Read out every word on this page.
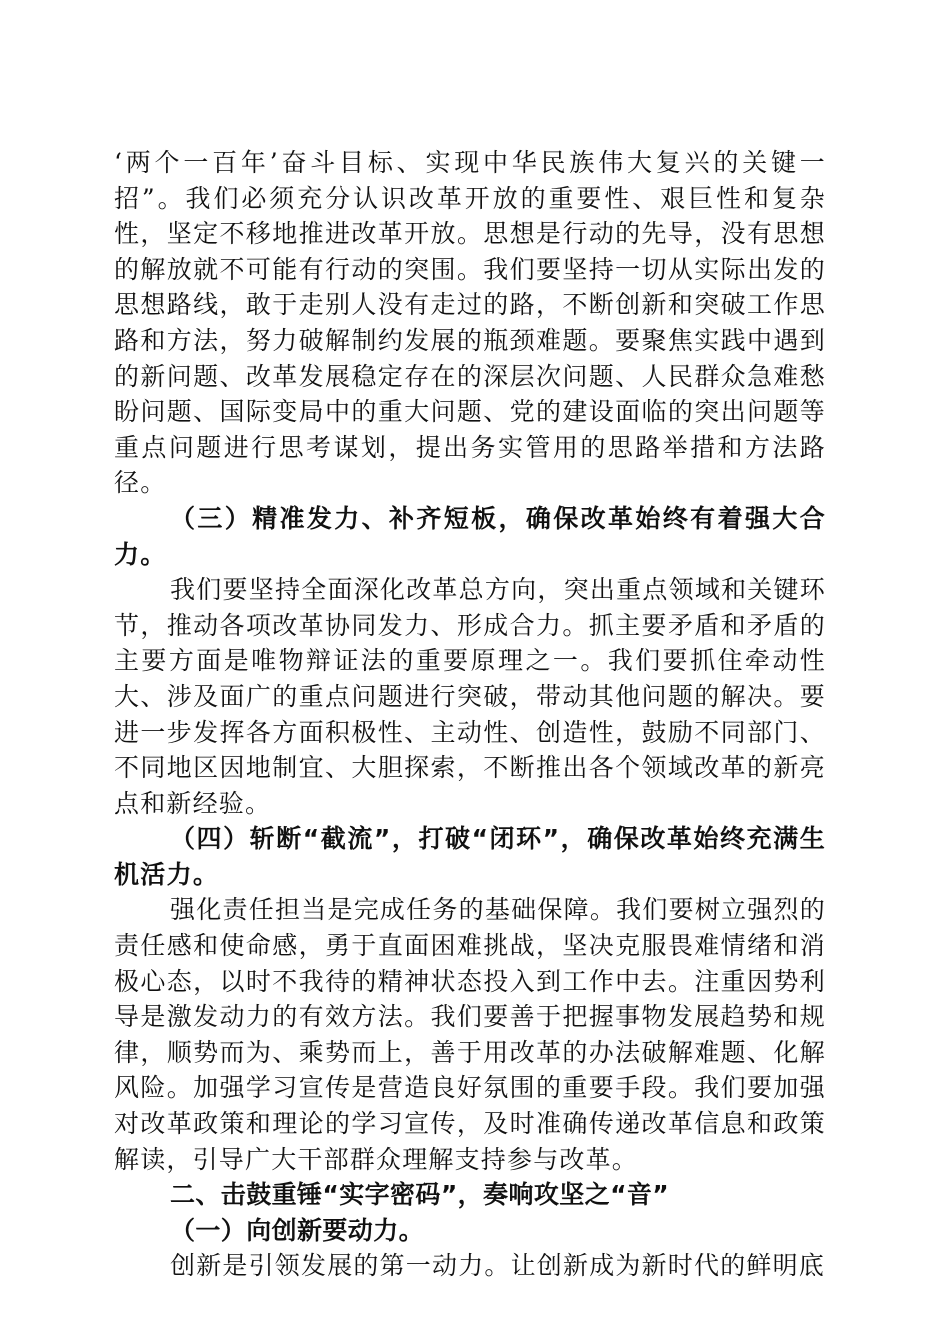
‘两个一百年’奋斗目标、实现中华民族伟大复兴的关键一招”。我们必须充分认识改革开放的重要性、艰巨性和复杂性，坚定不移地推进改革开放。思想是行动的先导，没有思想的解放就不可能有行动的突围。我们要坚持一切从实际出发的思想路线，敢于走别人没有走过的路，不断创新和突破工作思路和方法，努力破解制约发展的瓶颈难题。要聚焦实践中遇到的新问题、改革发展稳定存在的深层次问题、人民群众急难愁盼问题、国际变局中的重大问题、党的建设面临的突出问题等重点问题进行思考谋划，提出务实管用的思路举措和方法路径。

（三）精准发力、补齐短板，确保改革始终有着强大合力。

我们要坚持全面深化改革总方向，突出重点领域和关键环节，推动各项改革协同发力、形成合力。抓主要矛盾和矛盾的主要方面是唯物辩证法的重要原理之一。我们要抓住牵动性大、涉及面广的重点问题进行突破，带动其他问题的解决。要进一步发挥各方面积极性、主动性、创造性，鼓励不同部门、不同地区因地制宜、大胆探索，不断推出各个领域改革的新亮点和新经验。

（四）斩断“截流”，打破“闭环”，确保改革始终充满生机活力。

强化责任担当是完成任务的基础保障。我们要树立强烈的责任感和使命感，勇于直面困难挑战，坚决克服畏难情绪和消极心态，以时不我待的精神状态投入到工作中去。注重因势利导是激发动力的有效方法。我们要善于把握事物发展趋势和规律，顺势而为、乘势而上，善于用改革的办法破解难题、化解风险。加强学习宣传是营造良好氛围的重要手段。我们要加强对改革政策和理论的学习宣传，及时准确传递改革信息和政策解读，引导广大干部群众理解支持参与改革。

二、击鼓重锤“实字密码”，奏响攻坚之“音”

（一）向创新要动力。

创新是引领发展的第一动力。让创新成为新时代的鲜明底
